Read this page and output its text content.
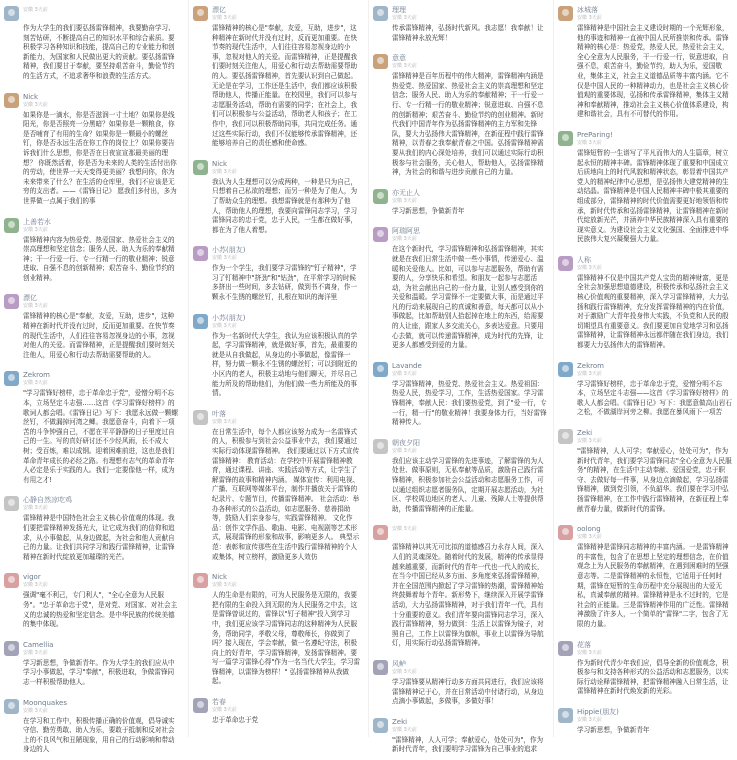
安徽 3天前
作为大学生的我们要弘扬雷锋精神，我要勤奋学习、刻苦钻研，不断提高自己的知识水平和综合素质。要积极学习各种知识和技能，提高自己的专业能力和创新能力，为国家和人民做出更大的贡献。要弘扬雷锋精神，我们要甘于奉献，要坚持艰苦奋斗，勤俭节约的生活方式，不追求奢华和浪费的生活方式。
Nick
安徽 3天前
如果你是一滴水，你是否滋润一寸土地？如果你是线阳光，你是否照亮一分黑暗？如果你是一颗粮食，你是否哺育了有用的生命？如果你是一颗最小的螺丝钉，你是否永远生活在你工作的岗位上？如果你要告诉我们什么思想，你是否在日夜宣宣那最美丽的理想？ 你既然活着，你是否为未来的人类的生活付出你的劳动，使世界一天天变得更美丽？我想问你，你为未来带来了什么？在生活的仓库里，我们不应该是无穷的支出者。——《雷锋日记》 愿我们多付出，多为世界做一点属于我们的事
上善若水
安徽 3天前
雷锋精神内容为热爱党、热爱国家、热爱社会主义的崇高理想和坚定信念；服务人民、助人为乐的奉献精神；干一行爱一行、专一行精一行的敬业精神；锐意进取、自强不息的创新精神；艰苦奋斗、勤俭节约的创业精神。
漂亿
安徽 3天前
雷锋精神的核心是"奉献，友爱，互助，进步"，这种精神在新时代并没有过时，反而更加重要。在快节奏的现代生活中，人们往往容易忽视身边的小事，忽视对他人的关爱。而雷锋精神，正是提醒我们要时刻关注他人，用爱心和行动去帮助需要帮助的人。
Zekrom
安徽 3天前
"学习雷锋好榜样，忠于革命忠于党"，爱憎分明不忘本，立场坚定斗志强……这首《学习雷锋好榜样》的歌词人都会唱。《雷锋日记》写下：我愿永远做一颗螺丝钉，不做漏掉河湾之鲫。我愿意奋斗，向着下一项苦的斗争钟强自己，不愿在平平静静的日子里度过自己的一生。写的真好研讨还不少经风雨，长不成大树；受百炼，难以成钢。迎着困难前进，这也是我们革命青年成长的必经之路。有理想有志气的革命青年人必定是乐于实践的人。我们一定要像他一样，成为有用之才!
心静自然凉吃鸡
安徽 3天前
雷锋精神是中国特色社会主义核心价值观的体现。我们要把雷锋精神发扬光大，让它成为我们的信仰和追求，从小事做起，从身边做起，为社会和他人贡献自己的力量。让我们共同学习和践行雷锋精神，让雷锋精神在新时代绽放更加璀璨的光芒。
vigor
安徽 3天前
强调"毫不利己，专门利人"，"全心全意为人民服务"。"忠于革命忠于党"，是对党、对国家、对社会主义的忠诚的热爱和坚定信念。是中华民族的传统美德的集中体现。
Camellia
安徽 3天前
学习新思想，争做新青年。作为大学生的我们应从中学习小事做起，学习"奉献"，积极进取，争做雷锋同志一样积极帮助他人。
Moonquakes
安徽 3天前
在学习和工作中，积极传播正确的价值观，倡导诚实守信、勤劳勇敢、助人为乐，要敢于抵制和反对社会上的不良风气和丑陋现象，用自己的行动影响和带动身边的人
漂亿
安徽 3天前
雷锋精神的核心是"奉献，友爱，互助，进步"，这种精神在新时代并没有过时，反而更加重要。在快节奏的现代生活中，人们往往容易忽视身边的小事，忽视对他人的关爱。而雷锋精神，正是提醒我们要时刻关注他人，用爱心和行动去帮助需要帮助的人。要弘扬雷锋精神，首先要认识到自己做起。无论是在学习，工作还是生活中，我们都应该积极帮助他人，传播正能量。在校园里，我们可以参与志愿服务活动，帮助有需要的同学；在社会上，我们可以积极参与公益活动，帮助老人和孩子；在工作中，我们可以积极帮助同事，共同完成任务。通过这些实际行动，我们不仅能够传承雷锋精神，还能够培养自己的责任感和使命感。
Nick
安徽 3天前
我认为人生理想可以分成两种，一种是只为自己，只想着自己私欲的理想；而另一种是为了他人，为了帮助众生的理想。我想雷锋就是有那种为了他人，帮助他人的理想，我要向雷锋同志学习，学习雷锋同志的忠于党，忠于人民，一生都在做好事，都在为了他人着想。
小苏(朋友)
安徽 3天前
作为一个学生，我们要学习雷锋的"钉子精神"，学习了钉精神中"挤劲"和"钻劲"，在平常学习的时候多挤出一些时间，多去钻研，做到书不离身，作一颗永不生锈的螺丝钉，扎根在知识的海洋里
小苏(朋友)
安徽 3天前
作为一名新时代大学生，我认为应该积极认真的学起，学习雷锋精神，就是做好事，首先，最重要的就是从自我做起，从身边的小事做起，像雷锋一样，努力做一颗永不生锈的螺丝钉；可以到附近的小区内的老人，积极主动地与他们聊天，并尽自己能力所及的帮助他们，为他们做一些力所能及的事情。
叶落
安徽 3天前
在日常生活中，每个人都应该努力成为一名雷锋式的人，积极参与到社会公益事业中去，我们要通过实际行动体现雷锋精神。 我们要通过以下方式宣传雷锋精神： 教育活动：在学校中开展雷锋精神教育，通过课程、讲座、实践活动等方式，让学生了解雷锋的故事和精神内涵。 媒体宣传：利用电视、广播、互联网等媒体平台，制作并播放关于雷锋的纪录片、专题节目，传播雷锋精神。 社会活动：举办各种形式的公益活动，如志愿服务、慈善捐助等，鼓励人们亲身参与，实践雷锋精神。 文化作品：创作文学作品、歌曲、电影、电视剧等艺术形式，展现雷锋的形象和故事，影响更多人。 典型示范：表彰和宣传那些在生活中践行雷锋精神的个人或集体，树立榜样，激励更多人效仿
Nick
安徽 3天前
人的生命是有限的，可为人民服务是无限的，我要把有限的生命投入到无限的为人民服务之中去，这是雷锋曾说过的，雷锋以"钉子精神"投入到学习中，我们更应该学习雷锋同志的这种精神为人民服务，帮助同学，孝敬父母，尊敬师长，你做到了吗？接入现在，学会奉献，做一名遵纪守法，积极向上的好青年，学习雷锋精神，发扬雷锋精神。要写一篇学习雷锋心得"作为一名当代大学生，学习雷锋精神，以雷锋为榜样！" 弘扬雷锋精神从我做起。
若春
安徽 3天前
忠于革命忠于党
理理
安徽 3天前
传承雷锋精神，弘扬时代新风。我志愿！我奉献！让雷锋精神永放光辉！
意意
安徽 3天前
雷锋精神是百年历程中的伟大精神，雷锋精神内涵是热爱党、热爱国家、热爱社会主义的崇高理想和坚定信念；服务人民、助人为乐的奉献精神；干一行爱一行、专一行精一行的敬业精神；锐意进取、自强不息的创新精神；艰苦奋斗、勤俭节约的创业精神。新时代我们中国青年作为弘扬雷锋精神的主力军和先锋队，要大力弘扬伟大雷锋精神，在新征程中践行雷锋精神，以青春之我奉献青春之中国。弘扬雷锋精神需要从我们的内心深处培养，我们可以通过实际行动积极参与社会服务，关心他人，帮助他人，弘扬雷锋精神，为社会的和谐与进步贡献自己的力量。
亦无止人
安徽 3天前
学习新思想，争做新青年
阿瑞阿思
安徽 3天前
在这个新时代，学习雷锋精神和弘扬雷锋精神，其实就是在我们日常生活中做一些小事情，传递爱心、温暖和关爱他人。比如，可以参与志愿服务，帮助有需要的人，分享快乐和希望。和朋友一起参与志愿活动，为社会献出自己的一份力量，让别人感受到你的关爱和温暖。学习雷锋不一定要做大事，而是通过平凡的行动来展现自己的真诚和善意，每天都可以从小事做起，比如帮助别人拾起掉在地上的东西，给需要的人让座，跟家人多交流关心，多表达爱意。只要用心去做，就可以传递雷锋精神，成为时代的先锋，让更多人都感受到爱的力量。
Lavande
安徽 3天前
学习雷锋精神，热爱党、热爱社会主义。热爱祖国：热爱人民，热爱学习，工作，生活热爱国家。学习雷锋精神，奉献人民：我们要热爱党，到了"爱一行，专一行，精一行"的敬业精神！我要身体力行，当好雷锋精神传人。
朝夜夕阳
安徽 3天前
我们应该主动学习雷锋的先进事迹，了解雷锋的为人处世、做事原则，无私奉献等品质，激励自己践行雷锋精神，积极参加社会公益活动和志愿服务工作，可以通过组织志愿者服务队，定期开展志愿活动，为社区、学校周边地区的老人、儿童、残障人士等提供帮助，传播雷锋精神的正能量。
安徽 3天前
雷锋精神以其无可比拟的道德感召力永存人间，深入人们的灵魂深处。随着时代的发展，精神的传承显得越来越重要，而新时代的青年一代也一代人的成长，在当今中国已经从多方面、多角度来弘扬雷锋精神，并在全国范围内掀起了学习雷锋的热潮，雷锋精神始终鼓舞着每个青年。新形势下，继续深入开展学雷锋活动，大力弘扬雷锋精神，对于我们青年一代，具有十分重要的意义。我们青年要向雷锋同志学习，深入践行雷锋精神，努力做到：生活上以雷锋为镜子，对照自己，工作上以雷锋为旗帜，事业上以雷锋为导航灯，用实际行动弘扬雷锋精神。
风鲈
安徽 3天前
学习雷锋要从精神行动多方面共同进行，我们应该将雷锋精神记于心，并在日常活动中付诸行动，从身边点滴小事做起，多做事，多做好事！
Zeki
安徽 3天前
"雷锋精神，人人可学；奉献爱心，处处可为"，作为新时代青年，我们要明学习雷锋为自己事业的追求
冰城落
安徽 3天前
雷锋精神是中国社会主义建设时期的一个光辉形象，他的事迹和精神一直被中国人民所推崇和传承。雷锋精神的核心是：热爱党，热爱人民，热爱社会主义，全心全意为人民服务，干一行爱一行，锐意进取，自强不息，艰苦奋斗，勤俭节约，助人为乐，爱国敬业，集体主义，社会主义道德品质等丰富内涵。它不仅是中国人民的一种精神动力，也是社会主义核心价值观的重要体现，弘扬和传承雷锋精神，集体主义精神和奉献精神，推动社会主义核心价值体系建设，构建和谐社会，具有不可替代的作用。
PreParing!
安徽 3天前
雷锋短暂的一生谱写了平凡而伟大的人生篇章，树立起永恒的精神丰碑。雷锋精神体现了重要和中国成立后质地向上的时代风貌和精神状态，彰显着中国共产党人的精神纪律中心思想，是弘扬伟大建党精神的生动结晶。雷锋精神是中国人民精神丰碑中极其重要的组成部分，雷锋精神的时代价值需要更好地领悟和传承，新时代传承和弘扬雷锋精神，让雷锋精神在新时代绽放新光芒，并涵养中华民族精神深入具有重要的现实意义。为建设社会主义文化强国、全面推进中华民族伟大复兴凝聚强大力量。
人称
安徽 3天前
雷锋精神不仅是中国共产党人宝贵的精神财富，更是全社会加强思想道德建设，积极传承和弘扬社会主义核心价值观的重要精神，深入学习雷锋精神，大力弘扬和践行雷锋精神，充分发挥雷锋精神的内在价值，对于激励广大青年投身伟大实践，不负党和人民的殷切期望具有重要意义。我们要更加自觉地学习和弘扬雷锋精神，让雷锋精神永远都伴随在我们身边，我们都要大力弘扬伟大的雷锋精神。
Zekrom
安徽 3天前
学习雷锋好榜样，忠于革命忠于党，爱憎分明不忘本，立场坚定斗志强——这首《学习雷锋好榜样》的歌人人都会唱。《雷锋日记》写下：我愿意做高山岩石之松，不做湖岸河旁之柳。我愿在暴风雨下一项苦
Zeki
安徽 3天前
"雷锋精神，人人可学；奉献爱心，处处可为"，作为新时代青年，我们要学习雷锋同志"全心全意为人民服务"的精神，在生活中主动奉献、爱国爱党，忠于职守、去做好每一件事，从身边点滴做起，学习弘扬雷锋精神，做到党引领，不负韶华。我们要在学习中弘扬雷锋精神，在工作中践行雷锋精神，在新征程上奉献青春力量，做新时代的雷锋。
oolong
安徽 3天前
雷锋精神是雷锋同志精神的丰富内涵。一是雷锋精神的丰富性，包含了在思想上坚定的理想信念，在价值观念上为人民服务的奉献精神，在遇到困难时的坚强意志等。二是雷锋精神的永恒性，它适用于任何时期，雷锋在短暂的生命历程中充分展现出的大爱无私，真诚奉献的精神。雷锋精神是永不过时的，它是社会的正能量。三是雷锋精神作用的广泛性。雷锋精神激励了许多人，一个简单的"雷锋"二字，包含了无限的力量。
花落
安徽 3天前
作为新时代青少年我们应，倡导全新的价值观念，积极参与和支持各种形式的公益活动和志愿服务，以实际行动诠释雷锋精神，把雷锋精神融入日常生活，让雷锋精神在新时代焕发新的光彩。
Hippie(朋友)
安徽 3天前
学习新思想，争做新青年
